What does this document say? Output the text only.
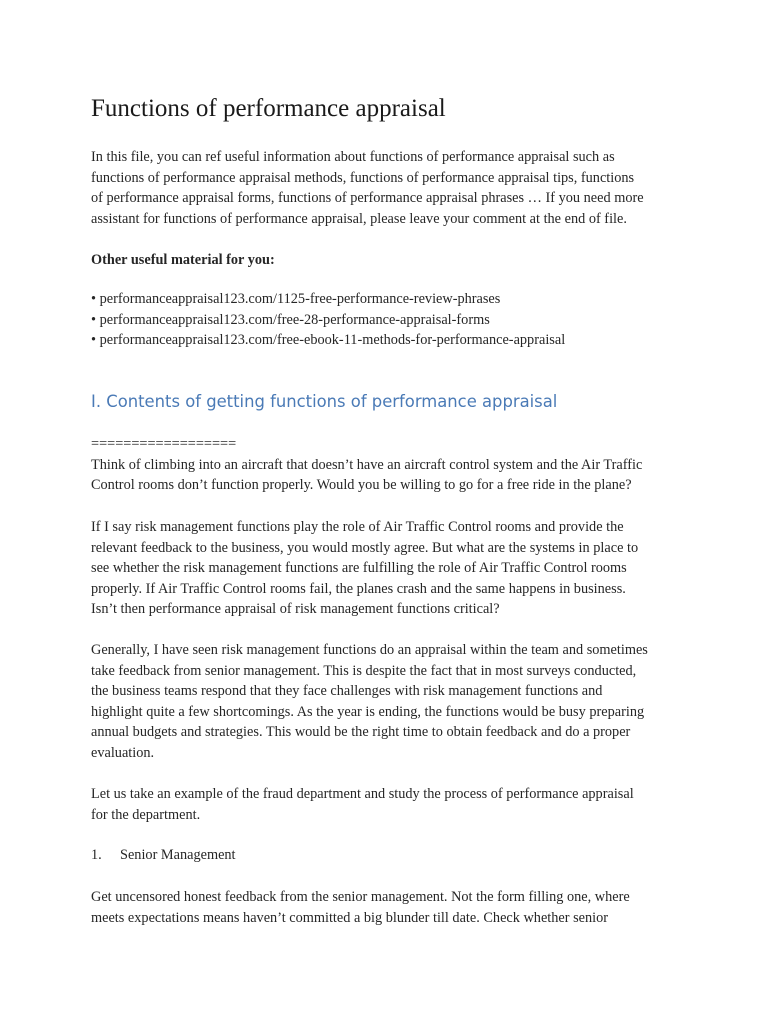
Functions of performance appraisal

In this file, you can ref useful information about functions of performance appraisal such as
functions of performance appraisal methods, functions of performance appraisal tips, functions
of performance appraisal forms, functions of performance appraisal phrases … If you need more
assistant for functions of performance appraisal, please leave your comment at the end of file.

Other useful material for you:

• performanceappraisal123.com/1125-free-performance-review-phrases
• performanceappraisal123.com/free-28-performance-appraisal-forms
• performanceappraisal123.com/free-ebook-11-methods-for-performance-appraisal

I. Contents of getting functions of performance appraisal

==================
Think of climbing into an aircraft that doesn’t have an aircraft control system and the Air Traffic
Control rooms don’t function properly. Would you be willing to go for a free ride in the plane?

If I say risk management functions play the role of Air Traffic Control rooms and provide the
relevant feedback to the business, you would mostly agree. But what are the systems in place to
see whether the risk management functions are fulfilling the role of Air Traffic Control rooms
properly. If Air Traffic Control rooms fail, the planes crash and the same happens in business.
Isn’t then performance appraisal of risk management functions critical?

Generally, I have seen risk management functions do an appraisal within the team and sometimes
take feedback from senior management. This is despite the fact that in most surveys conducted,
the business teams respond that they face challenges with risk management functions and
highlight quite a few shortcomings. As the year is ending, the functions would be busy preparing
annual budgets and strategies. This would be the right time to obtain feedback and do a proper
evaluation.

Let us take an example of the fraud department and study the process of performance appraisal
for the department.

1. Senior Management

Get uncensored honest feedback from the senior management. Not the form filling one, where
meets expectations means haven’t committed a big blunder till date. Check whether senior
